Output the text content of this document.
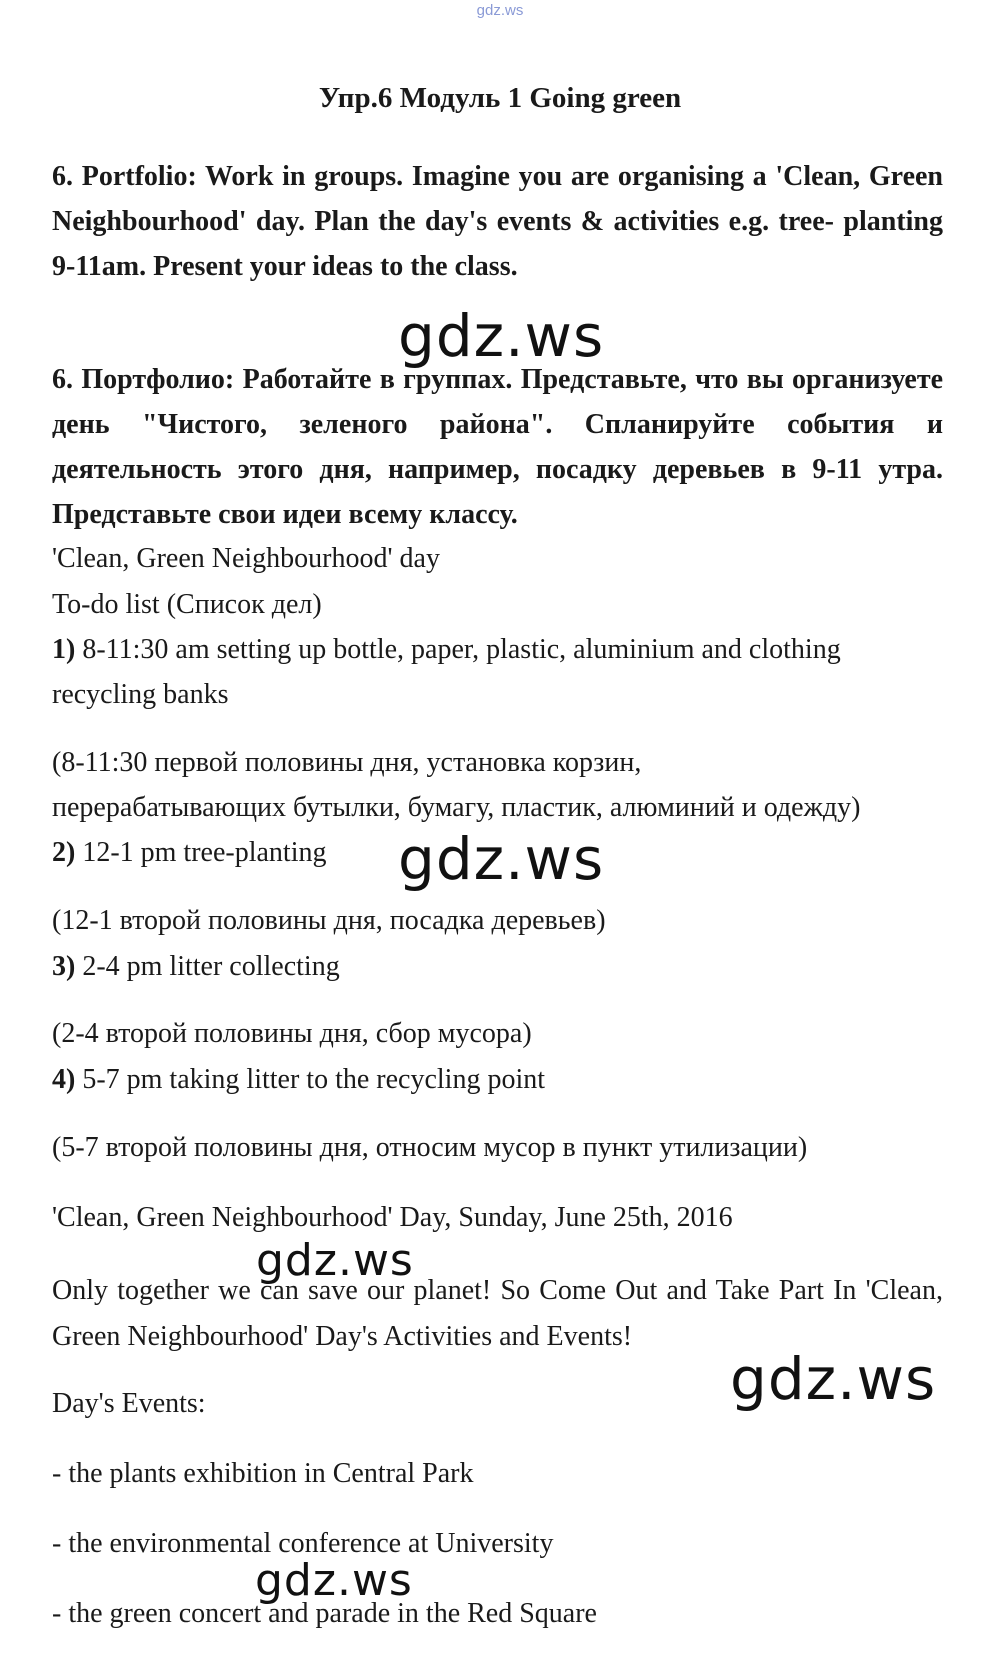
gdz.ws
Упр.6 Модуль 1 Going green
6. Portfolio: Work in groups. Imagine you are organising a 'Clean, Green Neighbourhood' day. Plan the day's events & activities e.g. tree- planting 9-11am. Present your ideas to the class.
6. Портфолио: Работайте в группах. Представьте, что вы организуете день "Чистого, зеленого района". Спланируйте события и деятельность этого дня, например, посадку деревьев в 9-11 утра. Представьте свои идеи всему классу.
'Clean, Green Neighbourhood' day
To-do list (Список дел)
1) 8-11:30 am setting up bottle, paper, plastic, aluminium and clothing
recycling banks
(8-11:30 первой половины дня, установка корзин,
перерабатывающих бутылки, бумагу, пластик, алюминий и одежду)
2) 12-1 pm tree-planting
(12-1 второй половины дня, посадка деревьев)
3) 2-4 pm litter collecting
(2-4 второй половины дня, сбор мусора)
4) 5-7 pm taking litter to the recycling point
(5-7 второй половины дня, относим мусор в пункт утилизации)
'Clean, Green Neighbourhood' Day, Sunday, June 25th, 2016
Only together we can save our planet! So Come Out and Take Part In 'Clean, Green Neighbourhood' Day's Activities and Events!
Day's Events:
- the plants exhibition in Central Park
- the environmental conference at University
- the green concert and parade in the Red Square
gdz.ws
gdz.ws
gdz.ws
gdz.ws
gdz.ws
